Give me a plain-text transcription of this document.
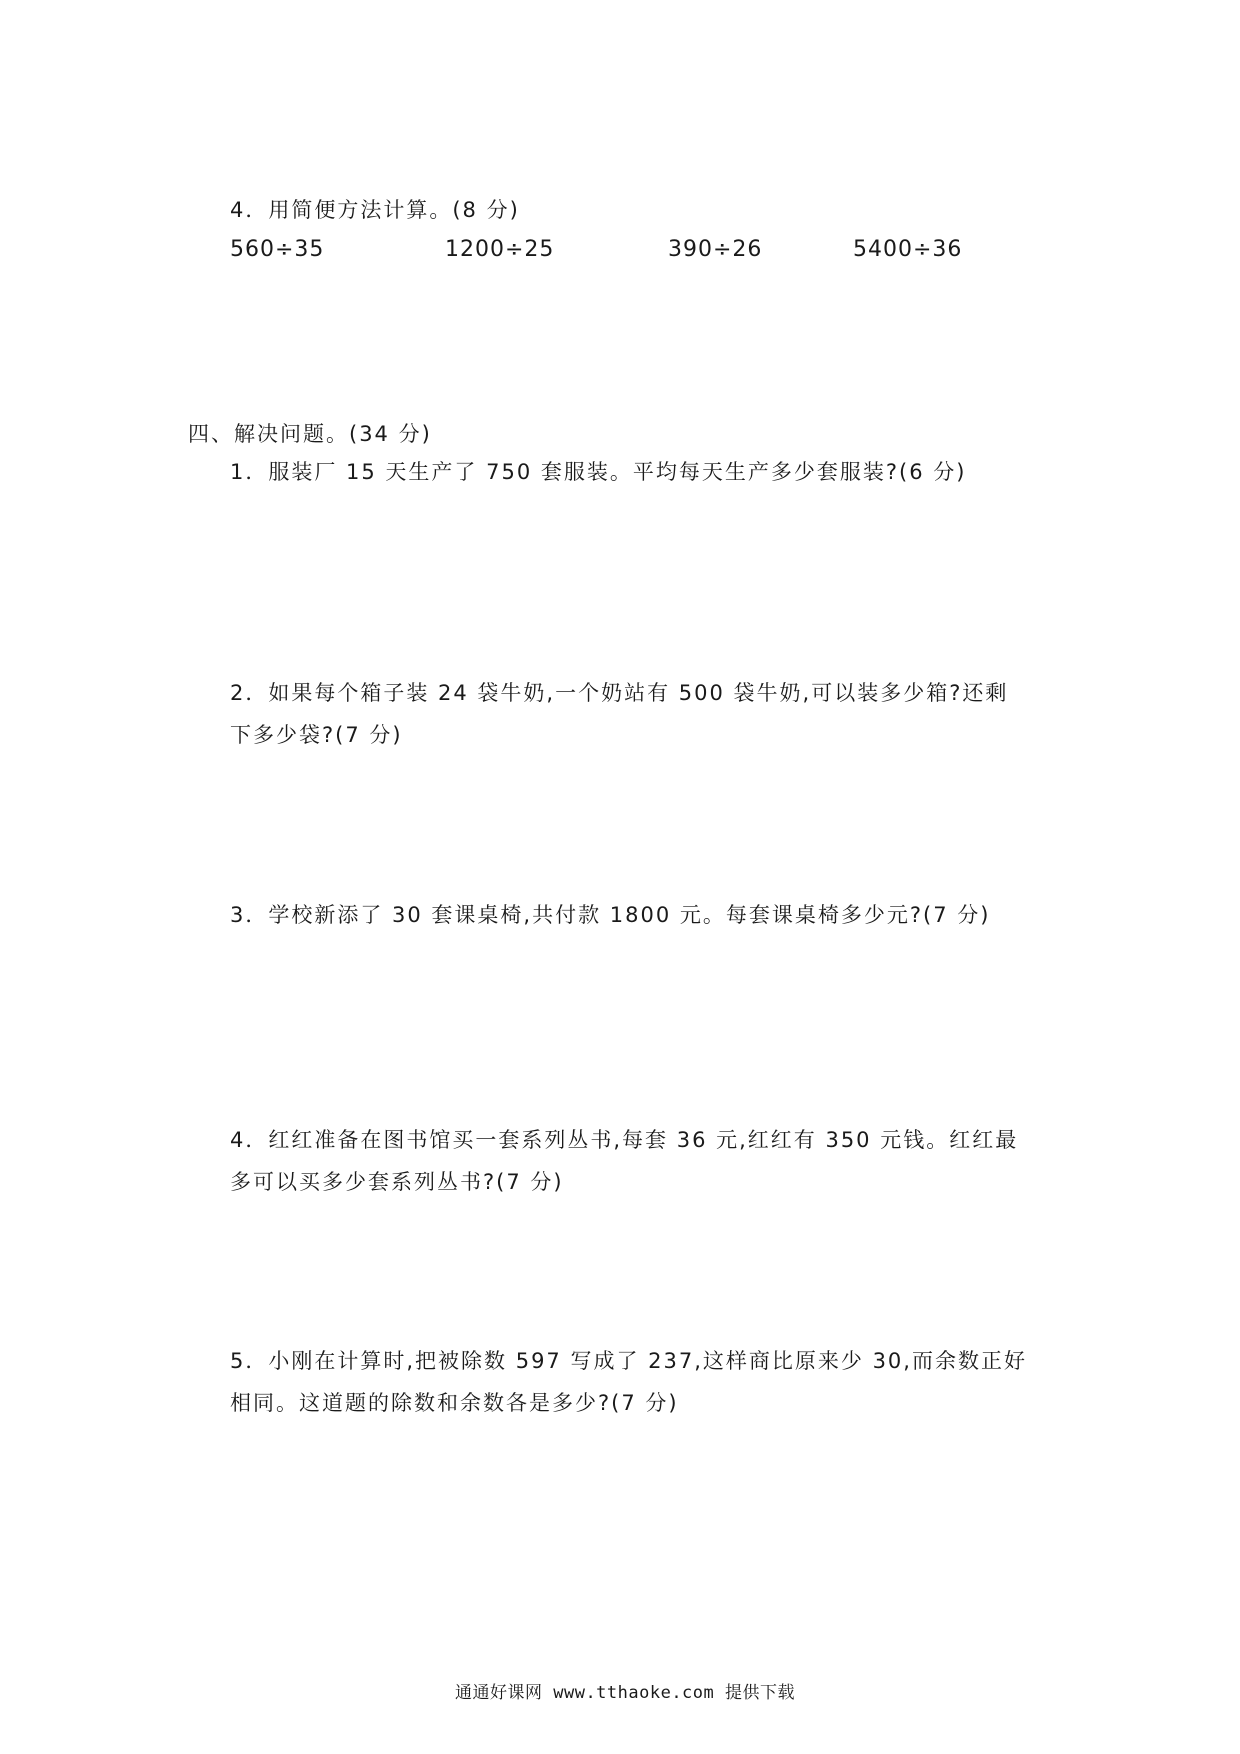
4．用简便方法计算。(8 分)
560÷35	1200÷25	390÷26	5400÷36
四、解决问题。(34 分)
1．服装厂 15 天生产了 750 套服装。平均每天生产多少套服装?(6 分)
2．如果每个箱子装 24 袋牛奶,一个奶站有 500 袋牛奶,可以装多少箱?还剩
下多少袋?(7 分)
3．学校新添了 30 套课桌椅,共付款 1800 元。每套课桌椅多少元?(7 分)
4．红红准备在图书馆买一套系列丛书,每套 36 元,红红有 350 元钱。红红最
多可以买多少套系列丛书?(7 分)
5．小刚在计算时,把被除数 597 写成了 237,这样商比原来少 30,而余数正好
相同。这道题的除数和余数各是多少?(7 分)
通通好课网 www.tthaoke.com 提供下载
